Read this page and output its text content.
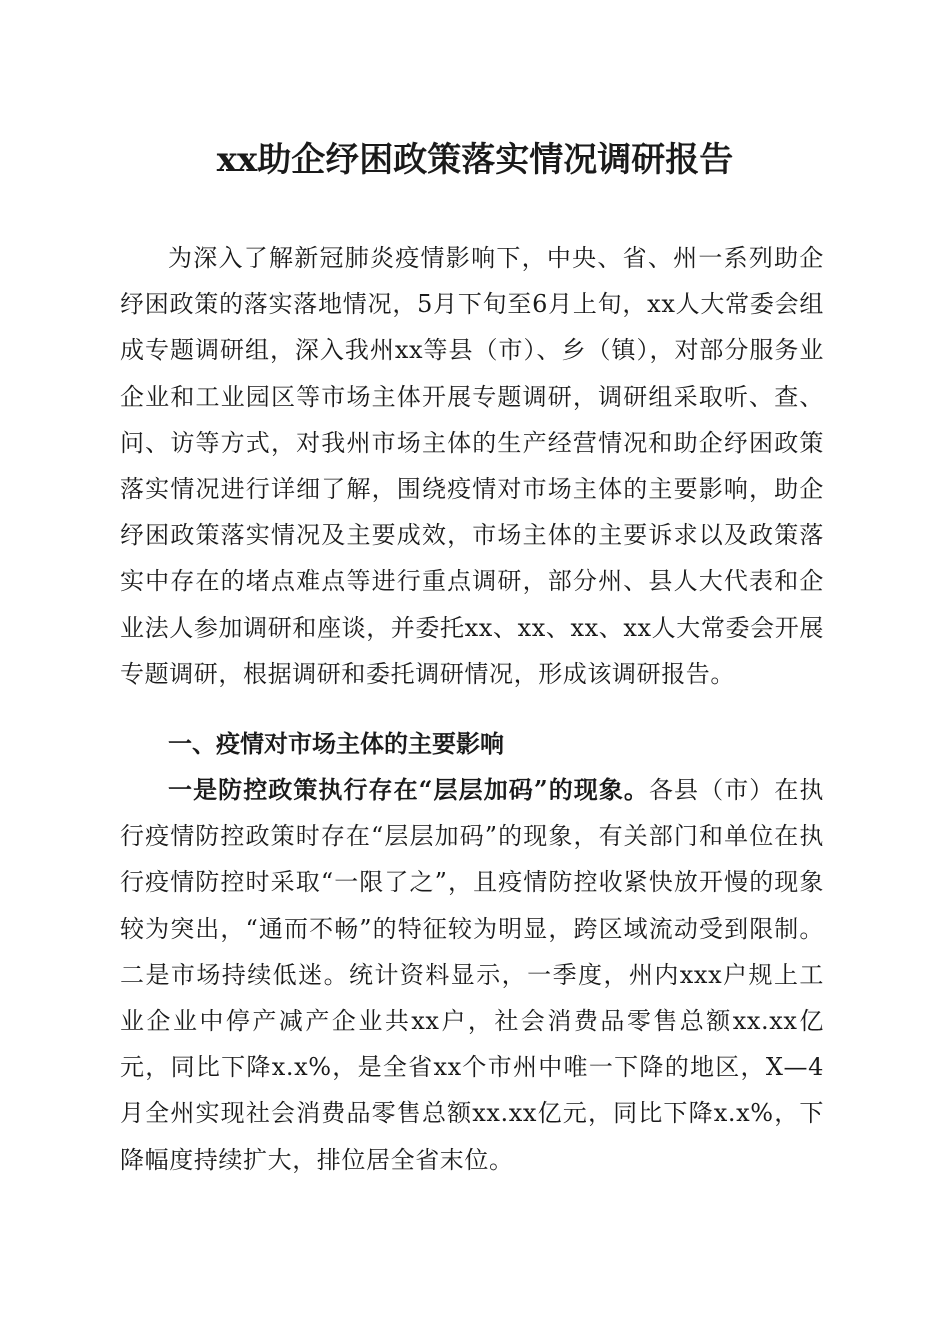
xx助企纾困政策落实情况调研报告

为深入了解新冠肺炎疫情影响下，中央、省、州一系列助企纾困政策的落实落地情况，5月下旬至6月上旬，xx人大常委会组成专题调研组，深入我州xx等县（市）、乡（镇），对部分服务业企业和工业园区等市场主体开展专题调研，调研组采取听、查、问、访等方式，对我州市场主体的生产经营情况和助企纾困政策落实情况进行详细了解，围绕疫情对市场主体的主要影响，助企纾困政策落实情况及主要成效，市场主体的主要诉求以及政策落实中存在的堵点难点等进行重点调研，部分州、县人大代表和企业法人参加调研和座谈，并委托xx、xx、xx、xx人大常委会开展专题调研，根据调研和委托调研情况，形成该调研报告。

一、疫情对市场主体的主要影响

一是防控政策执行存在“层层加码”的现象。各县（市）在执行疫情防控政策时存在“层层加码”的现象，有关部门和单位在执行疫情防控时采取“一限了之”，且疫情防控收紧快放开慢的现象较为突出，“通而不畅”的特征较为明显，跨区域流动受到限制。二是市场持续低迷。统计资料显示，一季度，州内xxx户规上工业企业中停产减产企业共xx户，社会消费品零售总额xx.xx亿元，同比下降x.x%，是全省xx个市州中唯一下降的地区，X—4月全州实现社会消费品零售总额xx.xx亿元，同比下降x.x%，下降幅度持续扩大，排位居全省末位。
